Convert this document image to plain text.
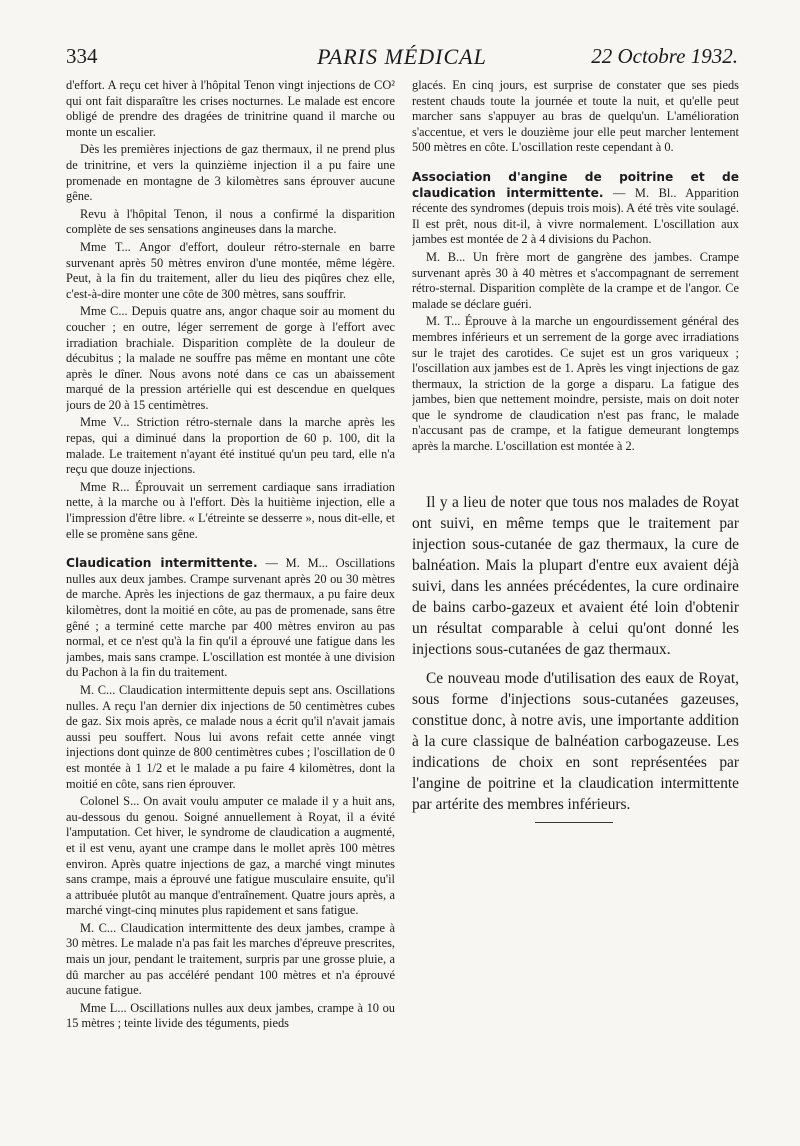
334	PARIS MÉDICAL	22 Octobre 1932.

d'effort. A reçu cet hiver à l'hôpital Tenon vingt injections de CO² qui ont fait disparaître les crises nocturnes. Le malade est encore obligé de prendre des dragées de trinitrine quand il marche ou monte un escalier.

Dès les premières injections de gaz thermaux, il ne prend plus de trinitrine, et vers la quinzième injection il a pu faire une promenade en montagne de 3 kilomètres sans éprouver aucune gêne.

Revu à l'hôpital Tenon, il nous a confirmé la disparition complète de ses sensations angineuses dans la marche.

Mme T... Angor d'effort, douleur rétro-sternale en barre survenant après 50 mètres environ d'une montée, même légère. Peut, à la fin du traitement, aller du lieu des piqûres chez elle, c'est-à-dire monter une côte de 300 mètres, sans souffrir.

Mme C... Depuis quatre ans, angor chaque soir au moment du coucher ; en outre, léger serrement de gorge à l'effort avec irradiation brachiale. Disparition complète de la douleur de décubitus ; la malade ne souffre pas même en montant une côte après le dîner. Nous avons noté dans ce cas un abaissement marqué de la pression artérielle qui est descendue en quelques jours de 20 à 15 centimètres.

Mme V... Striction rétro-sternale dans la marche après les repas, qui a diminué dans la proportion de 60 p. 100, dit la malade. Le traitement n'ayant été institué qu'un peu tard, elle n'a reçu que douze injections.

Mme R... Éprouvait un serrement cardiaque sans irradiation nette, à la marche ou à l'effort. Dès la huitième injection, elle a l'impression d'être libre. « L'étreinte se desserre », nous dit-elle, et elle se promène sans gêne.

Claudication intermittente. — M. M... Oscillations nulles aux deux jambes. Crampe survenant après 20 ou 30 mètres de marche. Après les injections de gaz thermaux, a pu faire deux kilomètres, dont la moitié en côte, au pas de promenade, sans être gêné ; a terminé cette marche par 400 mètres environ au pas normal, et ce n'est qu'à la fin qu'il a éprouvé une fatigue dans les jambes, mais sans crampe. L'oscillation est montée à une division du Pachon à la fin du traitement.

M. C... Claudication intermittente depuis sept ans. Oscillations nulles. A reçu l'an dernier dix injections de 50 centimètres cubes de gaz. Six mois après, ce malade nous a écrit qu'il n'avait jamais aussi peu souffert. Nous lui avons refait cette année vingt injections dont quinze de 800 centimètres cubes ; l'oscillation de 0 est montée à 1 1/2 et le malade a pu faire 4 kilomètres, dont la moitié en côte, sans rien éprouver.

Colonel S... On avait voulu amputer ce malade il y a huit ans, au-dessous du genou. Soigné annuellement à Royat, il a évité l'amputation. Cet hiver, le syndrome de claudication a augmenté, et il est venu, ayant une crampe dans le mollet après 100 mètres environ. Après quatre injections de gaz, a marché vingt minutes sans crampe, mais a éprouvé une fatigue musculaire ensuite, qu'il a attribuée plutôt au manque d'entraînement. Quatre jours après, a marché vingt-cinq minutes plus rapidement et sans fatigue.

M. C... Claudication intermittente des deux jambes, crampe à 30 mètres. Le malade n'a pas fait les marches d'épreuve prescrites, mais un jour, pendant le traitement, surpris par une grosse pluie, a dû marcher au pas accéléré pendant 100 mètres et n'a éprouvé aucune fatigue.

Mme L... Oscillations nulles aux deux jambes, crampe à 10 ou 15 mètres ; teinte livide des téguments, pieds

glacés. En cinq jours, est surprise de constater que ses pieds restent chauds toute la journée et toute la nuit, et qu'elle peut marcher sans s'appuyer au bras de quelqu'un. L'amélioration s'accentue, et vers le douzième jour elle peut marcher lentement 500 mètres en côte. L'oscillation reste cependant à 0.

Association d'angine de poitrine et de claudication intermittente. — M. Bl.. Apparition récente des syndromes (depuis trois mois). A été très vite soulagé. Il est prêt, nous dit-il, à vivre normalement. L'oscillation aux jambes est montée de 2 à 4 divisions du Pachon.

M. B... Un frère mort de gangrène des jambes. Crampe survenant après 30 à 40 mètres et s'accompagnant de serrement rétro-sternal. Disparition complète de la crampe et de l'angor. Ce malade se déclare guéri.

M. T... Éprouve à la marche un engourdissement général des membres inférieurs et un serrement de la gorge avec irradiations sur le trajet des carotides. Ce sujet est un gros variqueux ; l'oscillation aux jambes est de 1. Après les vingt injections de gaz thermaux, la striction de la gorge a disparu. La fatigue des jambes, bien que nettement moindre, persiste, mais on doit noter que le syndrome de claudication n'est pas franc, le malade n'accusant pas de crampe, et la fatigue demeurant longtemps après la marche. L'oscillation est montée à 2.

Il y a lieu de noter que tous nos malades de Royat ont suivi, en même temps que le traitement par injection sous-cutanée de gaz thermaux, la cure de balnéation. Mais la plupart d'entre eux avaient déjà suivi, dans les années précédentes, la cure ordinaire de bains carbo-gazeux et avaient été loin d'obtenir un résultat comparable à celui qu'ont donné les injections sous-cutanées de gaz thermaux.

Ce nouveau mode d'utilisation des eaux de Royat, sous forme d'injections sous-cutanées gazeuses, constitue donc, à notre avis, une importante addition à la cure classique de balnéation carbogazeuse. Les indications de choix en sont représentées par l'angine de poitrine et la claudication intermittente par artérite des membres inférieurs.
